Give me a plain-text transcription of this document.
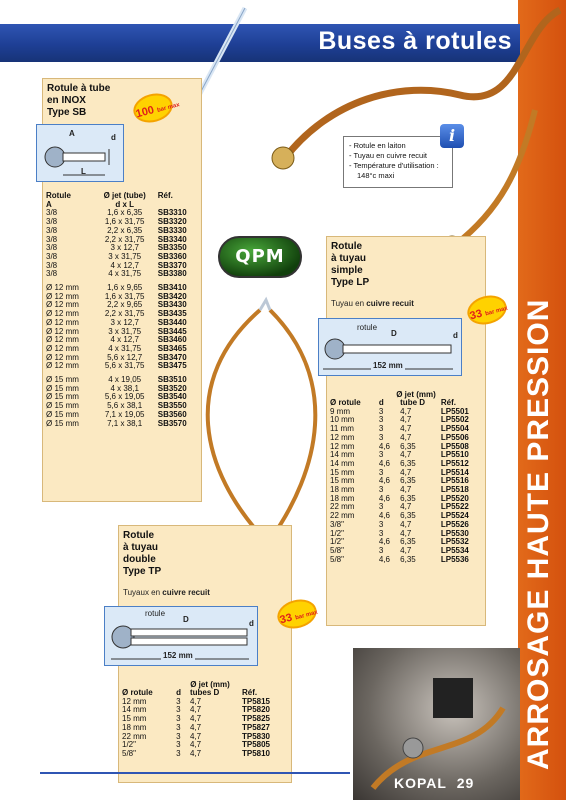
ARROSAGE HAUTE PRESSION
Buses à rotules
Rotule à tube
en INOX
Type SB	100 bar max
A	d
L
Rotule	Ø jet (tube)	Réf.
A	d x L	
3/8	1,6 x 6,35	SB3310
3/8	1,6 x 31,75	SB3320
3/8	2,2 x 6,35	SB3330
3/8	2,2 x 31,75	SB3340
3/8	3 x 12,7	SB3350
3/8	3 x 31,75	SB3360
3/8	4 x 12,7	SB3370
3/8	4 x 31,75	SB3380

Ø 12 mm	1,6 x 9,65	SB3410
Ø 12 mm	1,6 x 31,75	SB3420
Ø 12 mm	2,2 x 9,65	SB3430
Ø 12 mm	2,2 x 31,75	SB3435
Ø 12 mm	3 x 12,7	SB3440
Ø 12 mm	3 x 31,75	SB3445
Ø 12 mm	4 x 12,7	SB3460
Ø 12 mm	4 x 31,75	SB3465
Ø 12 mm	5,6 x 12,7	SB3470
Ø 12 mm	5,6 x 31,75	SB3475

Ø 15 mm	4 x 19,05	SB3510
Ø 15 mm	4 x 38,1	SB3520
Ø 15 mm	5,6 x 19,05	SB3540
Ø 15 mm	5,6 x 38,1	SB3550
Ø 15 mm	7,1 x 19,05	SB3560
Ø 15 mm	7,1 x 38,1	SB3570
- Rotule en laiton
- Tuyau en cuivre recuit
- Température d'utilisation :
148°c maxi
i
QPM	Rotule
à tuyau
simple
Type LP
Tuyau en cuivre recuit
33 bar max
rotule
D	d
152 mm
Ø jet (mm)
Ø rotule	d	tube D	Réf.
9 mm	3	4,7	LP5501
10 mm	3	4,7	LP5502
11 mm	3	4,7	LP5504
12 mm	3	4,7	LP5506
12 mm	4,6	6,35	LP5508
14 mm	3	4,7	LP5510
14 mm	4,6	6,35	LP5512
15 mm	3	4,7	LP5514
15 mm	4,6	6,35	LP5516
18 mm	3	4,7	LP5518
18 mm	4,6	6,35	LP5520
22 mm	3	4,7	LP5522
22 mm	4,6	6,35	LP5524
3/8"	3	4,7	LP5526
1/2"	3	4,7	LP5530
1/2"	4,6	6,35	LP5532
5/8"	3	4,7	LP5534
5/8"	4,6	6,35	LP5536
Rotule
à tuyau
double
Type TP
Tuyaux en cuivre recuit
33 bar max
rotule
D	d
152 mm
Ø jet (mm)
Ø rotule	d	tubes D	Réf.
12 mm	3	4,7	TP5815
14 mm	3	4,7	TP5820
15 mm	3	4,7	TP5825
18 mm	3	4,7	TP5827
22 mm	3	4,7	TP5830
1/2"	3	4,7	TP5805
5/8"	3	4,7	TP5810
KOPAL 29
